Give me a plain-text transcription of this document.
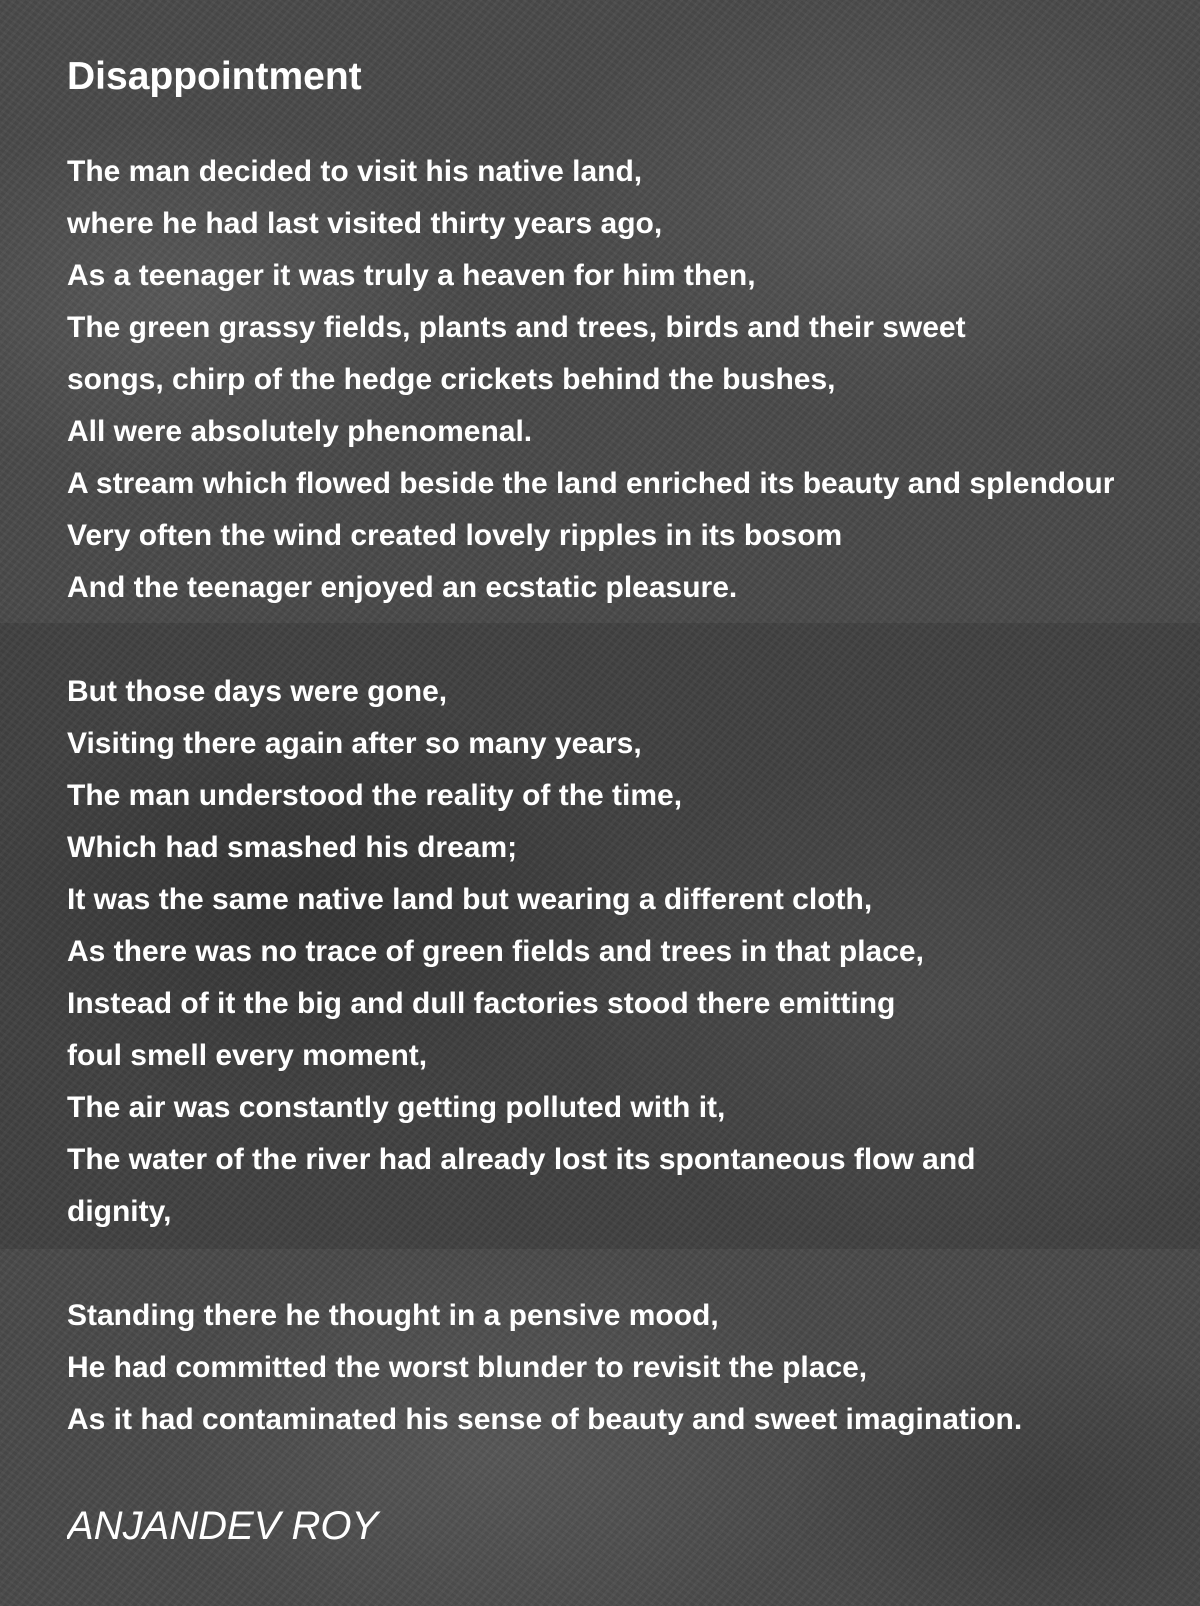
Disappointment
The man decided to visit his native land,
where he had last visited thirty years ago,
As a teenager it was truly a heaven for him then,
The green grassy fields, plants and trees, birds and their sweet
songs, chirp of the hedge crickets behind the bushes,
All were absolutely phenomenal.
A stream which flowed beside the land enriched its beauty and splendour
Very often the wind created lovely ripples in its bosom
And the teenager enjoyed an ecstatic pleasure.
But those days were gone,
Visiting there again after so many years,
The man understood the reality of the time,
Which had smashed his dream;
It was the same native land but wearing a different cloth,
As there was no trace of green fields and trees in that place,
Instead of it the big and dull factories stood there emitting
foul smell every moment,
The air was constantly getting polluted with it,
The water of the river had already lost its spontaneous flow and
dignity,
Standing there he thought in a pensive mood,
He had committed the worst blunder to revisit the place,
As it had contaminated his sense of beauty and sweet imagination.
ANJANDEV ROY
